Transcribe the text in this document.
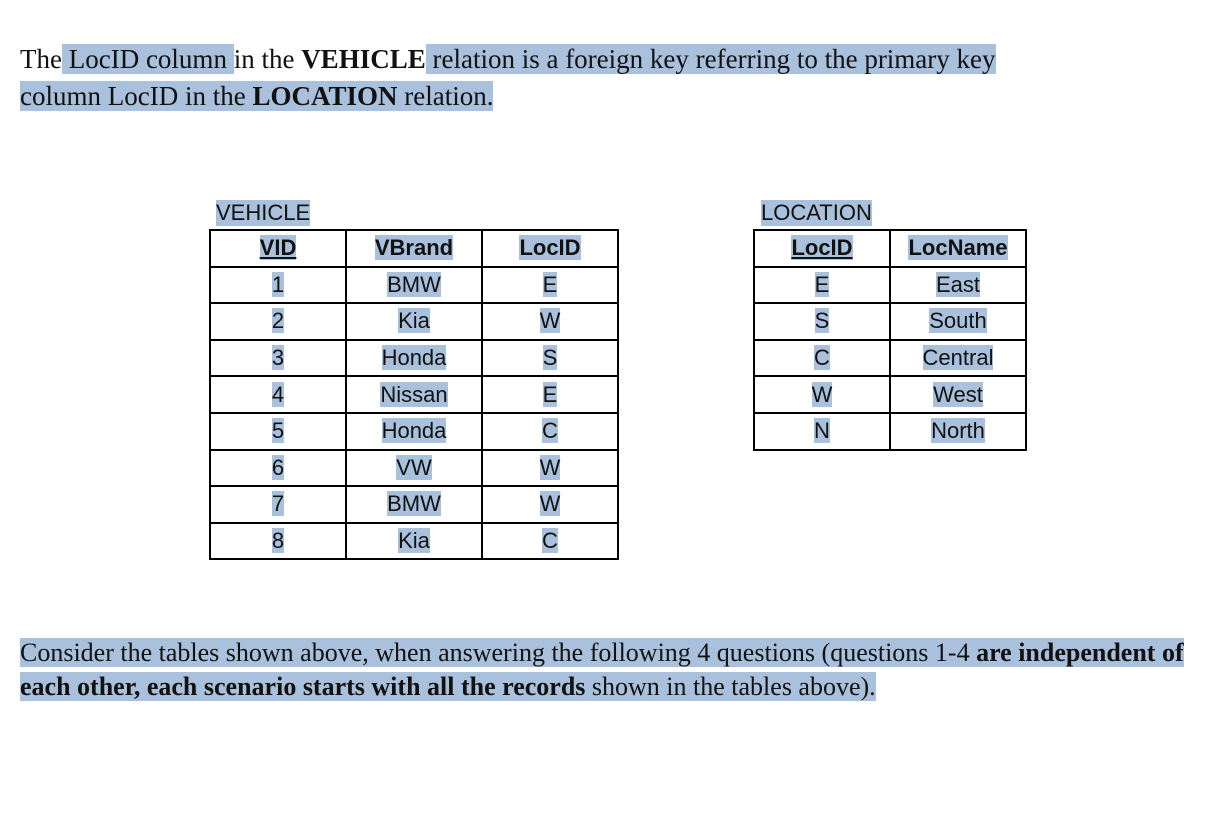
The LocID column in the VEHICLE relation is a foreign key referring to the primary key
column LocID in the LOCATION relation.

VEHICLE
VID	VBrand	LocID
1	BMW	E
2	Kia	W
3	Honda	S
4	Nissan	E
5	Honda	C
6	VW	W
7	BMW	W
8	Kia	C
LOCATION
LocID	LocName
E	East
S	South
C	Central
W	West
N	North

Consider the tables shown above, when answering the following 4 questions (questions 1-4 are independent of each other, each scenario starts with all the records shown in the tables above).
